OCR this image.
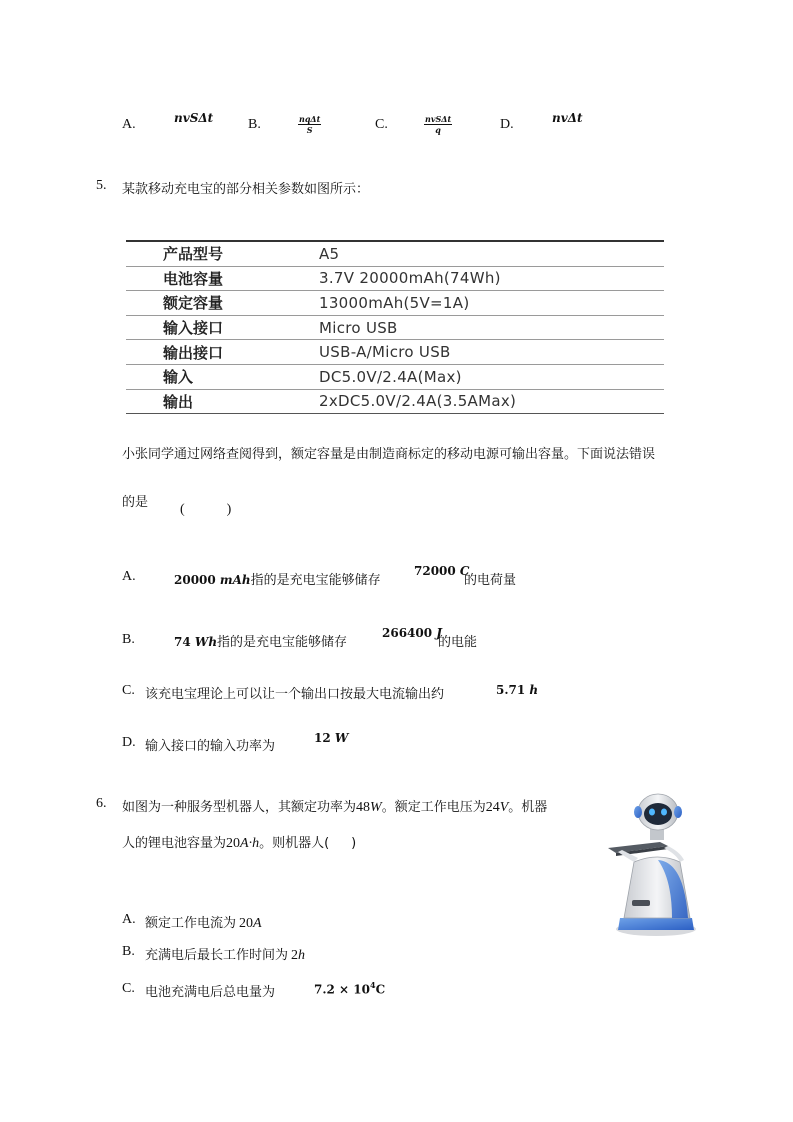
A.	nvSΔt B.	nqΔt
S	C.	nvSΔt
q	D.	nvΔt
5. 某款移动充电宝的部分相关参数如图所示：
产品型号	A5
电池容量	3.7V 20000mAh(74Wh)
额定容量	13000mAh(5V=1A)
输入接口	Micro USB
输出接口	USB-A/Micro USB
输入	DC5.0V/2.4A(Max)
输出	2xDC5.0V/2.4A(3.5AMax)
小张同学通过网络查阅得到，额定容量是由制造商标定的移动电源可输出容量。下面说法错误
的是 (　　　)
A.	20000 mAh指的是充电宝能够储存
72000 C
的电荷量
B.	74 Wh指的是充电宝能够储存
266400 J
的电能
C. 该充电宝理论上可以让一个输出口按最大电流输出约	5.71 h
D. 输入接口的输入功率为
12 W
6. 如图为一种服务型机器人，其额定功率为48W。额定工作电压为24V。机器
人的锂电池容量为20A·h。则机器人( )
A. 额定工作电流为 20A
B. 充满电后最长工作时间为 2h
C. 电池充满电后总电量为	$7.2 \times 10^4C$
